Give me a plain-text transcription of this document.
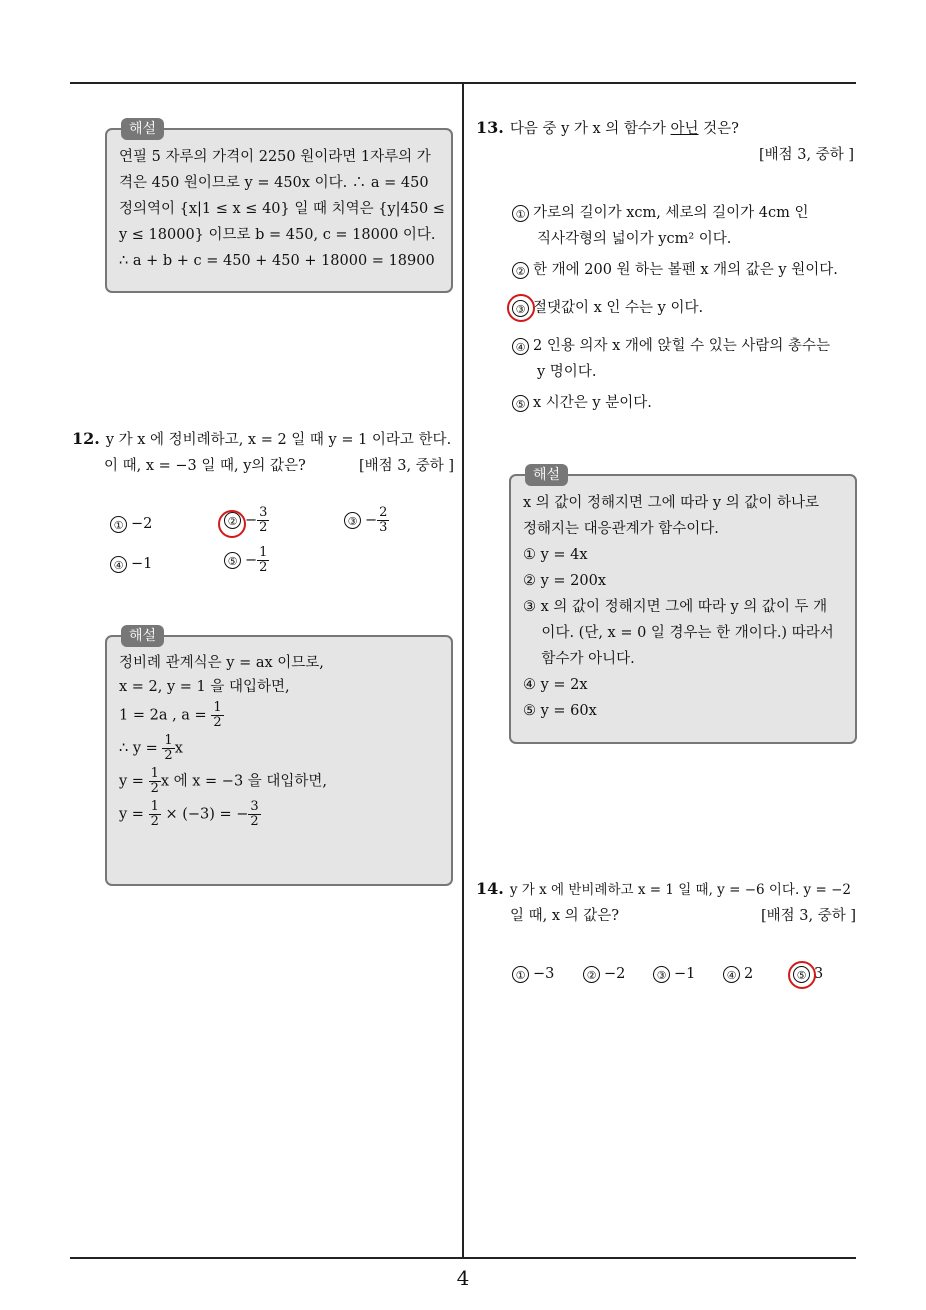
4
해설
연필 5 자루의 가격이 2250 원이라면 1자루의 가
격은 450 원이므로 y = 450x 이다. ∴ a = 450
정의역이 {x|1 ≤ x ≤ 40} 일 때 치역은 {y|450 ≤
y ≤ 18000} 이므로 b = 450, c = 18000 이다.
∴ a + b + c = 450 + 450 + 18000 = 18900
12. y 가 x 에 정비례하고, x = 2 일 때 y = 1 이라고 한다.
이 때, x = −3 일 때, y의 값은?	[배점 3, 중하 ]
① −2	② − $\frac{3}{2}$	③ − $\frac{2}{3}$
④ −1	⑤ − $\frac{1}{2}$
해설
정비례 관계식은 y = ax 이므로,
x = 2, y = 1 을 대입하면,
1 = 2a , $a = \frac{1}{2}$
∴ $y = \frac{1}{2}$ x
$y = \frac{1}{2}$ x 에 x = −3 을 대입하면,
$y = \frac{1}{2} \times (-3)$ = − $\frac{3}{2}$
13. 다음 중 y 가 x 의 함수가 아닌 것은?
[배점 3, 중하 ]
① 가로의 길이가 xcm, 세로의 길이가 4cm 인
직사각형의 넓이가 ycm² 이다.
② 한 개에 200 원 하는 볼펜 x 개의 값은 y 원이다.
③ 절댓값이 x 인 수는 y 이다.
④ 2 인용 의자 x 개에 앉힐 수 있는 사람의 총수는
y 명이다.
⑤ x 시간은 y 분이다.
해설
x 의 값이 정해지면 그에 따라 y 의 값이 하나로
정해지는 대응관계가 함수이다.
① y = 4x
② y = 200x
③ x 의 값이 정해지면 그에 따라 y 의 값이 두 개
이다. (단, x = 0 일 경우는 한 개이다.) 따라서
함수가 아니다.
④ y = 2x
⑤ y = 60x
14. y 가 x 에 반비례하고 x = 1 일 때, y = −6 이다. y = −2
일 때, x 의 값은?	[배점 3, 중하 ]
① −3	② −2	③ −1	④ 2	⑤ 3
